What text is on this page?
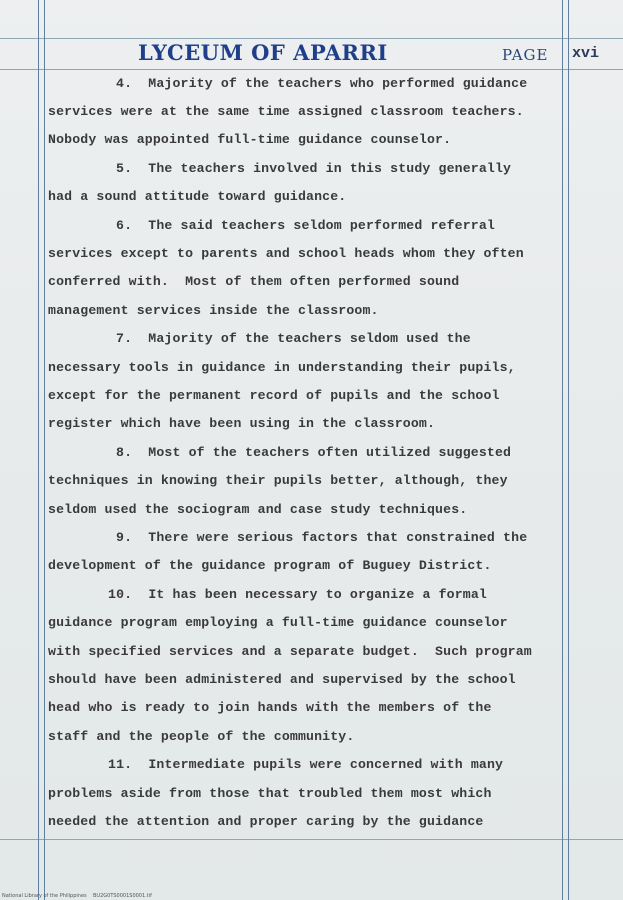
LYCEUM OF APARRI	PAGE xvi
4.  Majority of the teachers who performed guidance
services were at the same time assigned classroom teachers.
Nobody was appointed full-time guidance counselor.
5.  The teachers involved in this study generally
had a sound attitude toward guidance.
6.  The said teachers seldom performed referral
services except to parents and school heads whom they often
conferred with.  Most of them often performed sound
management services inside the classroom.
7.  Majority of the teachers seldom used the
necessary tools in guidance in understanding their pupils,
except for the permanent record of pupils and the school
register which have been using in the classroom.
8.  Most of the teachers often utilized suggested
techniques in knowing their pupils better, although, they
seldom used the sociogram and case study techniques.
9.  There were serious factors that constrained the
development of the guidance program of Buguey District.
10.  It has been necessary to organize a formal
guidance program employing a full-time guidance counselor
with specified services and a separate budget.  Such program
should have been administered and supervised by the school
head who is ready to join hands with the members of the
staff and the people of the community.
11.  Intermediate pupils were concerned with many
problems aside from those that troubled them most which
needed the attention and proper caring by the guidance
National Library of the Philippines    BU2G0TS0001S0001.tif
